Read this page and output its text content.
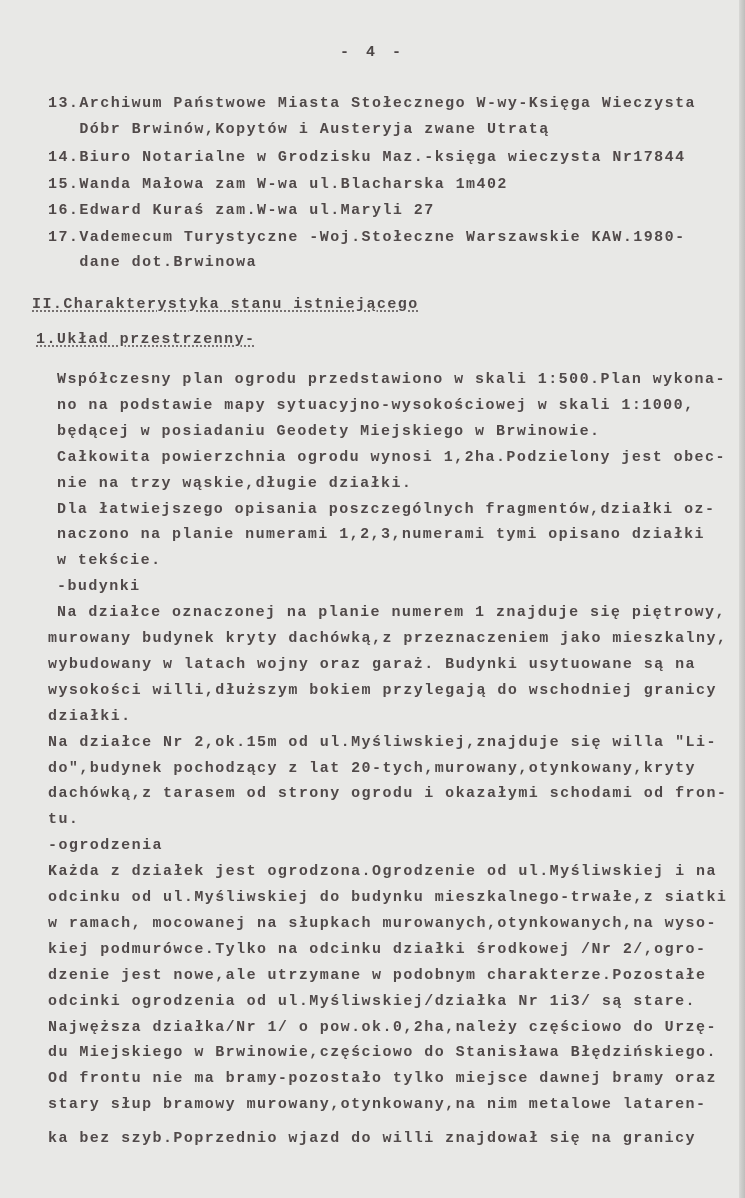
- 4 -
13.Archiwum Państwowe Miasta Stołecznego W-wy-Księga Wieczysta
Dóbr Brwinów,Kopytów i Austeryja zwane Utratą
14.Biuro Notarialne w Grodzisku Maz.-księga wieczysta Nr17844
15.Wanda Małowa zam W-wa ul.Blacharska 1m402
16.Edward Kuraś zam.W-wa ul.Maryli 27
17.Vademecum Turystyczne -Woj.Stołeczne Warszawskie KAW.1980-
dane dot.Brwinowa
II.Charakterystyka stanu istniejącego
1.Układ przestrzenny-
Współczesny plan ogrodu przedstawiono w skali 1:500.Plan wykona-
no na podstawie mapy sytuacyjno-wysokościowej w skali 1:1000,
będącej w posiadaniu Geodety Miejskiego w Brwinowie.
Całkowita powierzchnia ogrodu wynosi 1,2ha.Podzielony jest obec-
nie na trzy wąskie,długie działki.
Dla łatwiejszego opisania poszczególnych fragmentów,działki oz-
naczono na planie numerami 1,2,3,numerami tymi opisano działki
w tekście.
-budynki
Na działce oznaczonej na planie numerem 1 znajduje się piętrowy,
murowany budynek kryty dachówką,z przeznaczeniem jako mieszkalny,
wybudowany w latach wojny oraz garaż. Budynki usytuowane są na
wysokości willi,dłuższym bokiem przylegają do wschodniej granicy
działki.
Na działce Nr 2,ok.15m od ul.Myśliwskiej,znajduje się willa "Li-
do",budynek pochodzący z lat 20-tych,murowany,otynkowany,kryty
dachówką,z tarasem od strony ogrodu i okazałymi schodami od fron-
tu.
-ogrodzenia
Każda z działek jest ogrodzona.Ogrodzenie od ul.Myśliwskiej i na
odcinku od ul.Myśliwskiej do budynku mieszkalnego-trwałe,z siatki
w ramach, mocowanej na słupkach murowanych,otynkowanych,na wyso-
kiej podmurówce.Tylko na odcinku działki środkowej /Nr 2/,ogro-
dzenie jest nowe,ale utrzymane w podobnym charakterze.Pozostałe
odcinki ogrodzenia od ul.Myśliwskiej/działka Nr 1i3/ są stare.
Najwęższa działka/Nr 1/ o pow.ok.0,2ha,należy częściowo do Urzę-
du Miejskiego w Brwinowie,częściowo do Stanisława Błędzińskiego.
Od frontu nie ma bramy-pozostało tylko miejsce dawnej bramy oraz
stary słup bramowy murowany,otynkowany,na nim metalowe lataren-
ka bez szyb.Poprzednio wjazd do willi znajdował się na granicy
